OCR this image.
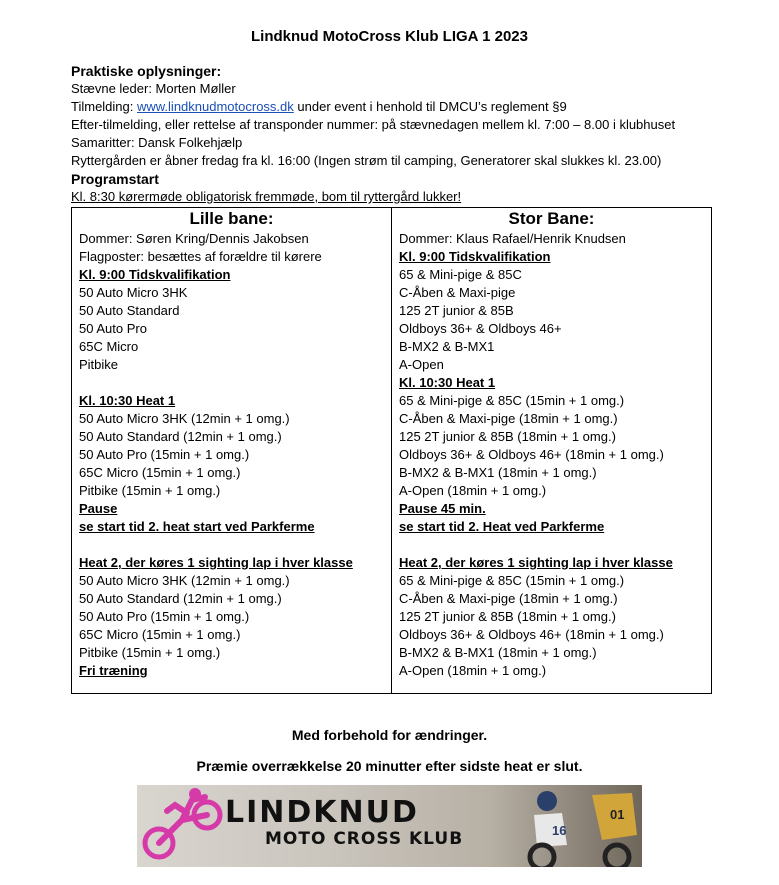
Lindknud MotoCross Klub LIGA 1 2023
Praktiske oplysninger:
Stævne leder: Morten Møller
Tilmelding: www.lindknudmotocross.dk under event i henhold til DMCU’s reglement §9
Efter-tilmelding, eller rettelse af transponder nummer: på stævnedagen mellem kl. 7:00 – 8.00 i klubhuset
Samaritter: Dansk Folkehjælp
Ryttergården er åbner fredag fra kl. 16:00 (Ingen strøm til camping, Generatorer skal slukkes kl. 23.00)
Programstart
Kl. 8:30 kørermøde obligatorisk fremmøde, bom til ryttergård lukker!
Lille bane:
Dommer: Søren Kring/Dennis Jakobsen
Flagposter: besættes af forældre til kørere
Kl. 9:00 Tidskvalifikation
50 Auto Micro 3HK
50 Auto Standard
50 Auto Pro
65C Micro
Pitbike
Kl. 10:30 Heat 1
50 Auto Micro 3HK (12min + 1 omg.)
50 Auto Standard (12min + 1 omg.)
50 Auto Pro (15min + 1 omg.)
65C Micro (15min + 1 omg.)
Pitbike (15min + 1 omg.)
Pause
se start tid 2. heat start ved Parkferme
Heat 2, der køres 1 sighting lap i hver klasse
50 Auto Micro 3HK (12min + 1 omg.)
50 Auto Standard (12min + 1 omg.)
50 Auto Pro (15min + 1 omg.)
65C Micro (15min + 1 omg.)
Pitbike (15min + 1 omg.)
Fri træning
Stor Bane:
Dommer: Klaus Rafael/Henrik Knudsen
Kl. 9:00 Tidskvalifikation
65 & Mini-pige & 85C
C-Åben & Maxi-pige
125 2T junior & 85B
Oldboys 36+ & Oldboys 46+
B-MX2 & B-MX1
A-Open
Kl. 10:30 Heat 1
65 & Mini-pige & 85C (15min + 1 omg.)
C-Åben & Maxi-pige (18min + 1 omg.)
125 2T junior & 85B (18min + 1 omg.)
Oldboys 36+ & Oldboys 46+ (18min + 1 omg.)
B-MX2 & B-MX1 (18min + 1 omg.)
A-Open (18min + 1 omg.)
Pause 45 min.
se start tid 2. Heat ved Parkferme
Heat 2, der køres 1 sighting lap i hver klasse
65 & Mini-pige & 85C (15min + 1 omg.)
C-Åben & Maxi-pige (18min + 1 omg.)
125 2T junior & 85B (18min + 1 omg.)
Oldboys 36+ & Oldboys 46+ (18min + 1 omg.)
B-MX2 & B-MX1 (18min + 1 omg.)
A-Open (18min + 1 omg.)
Med forbehold for ændringer.
Præmie overrækkelse 20 minutter efter sidste heat er slut.
LINDKNUD
MOTO CROSS KLUB	16
01
